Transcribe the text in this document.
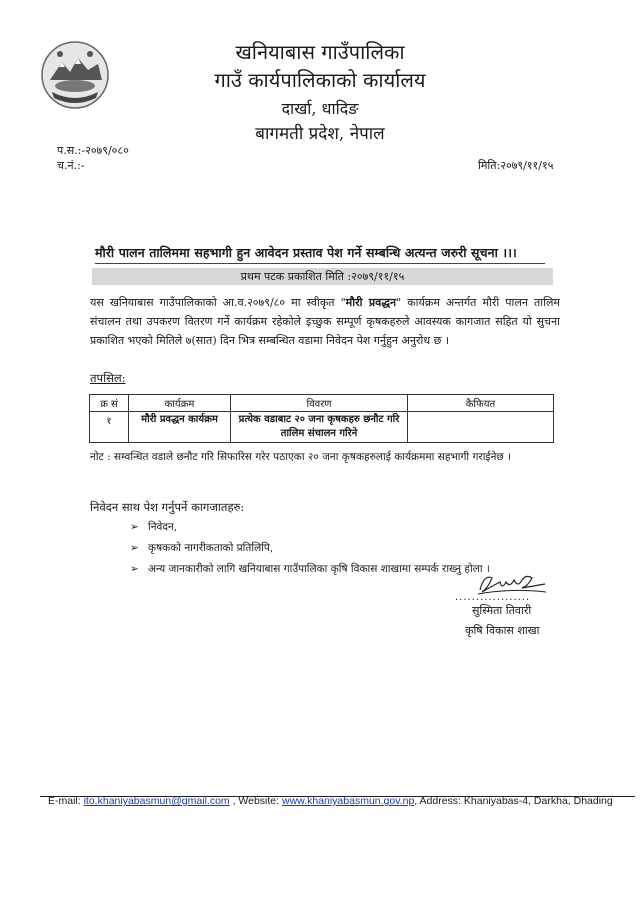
खनियाबास गाउँपालिका
गाउँ कार्यपालिकाको कार्यालय
दार्खा, धादिङ
बागमती प्रदेश, नेपाल
प.स.:-२०७९/०८०
च.नं.:-	मिति:२०७९/११/१५
मौरी पालन तालिममा सहभागी हुन आवेदन प्रस्ताव पेश गर्ने सम्बन्धि अत्यन्त जरुरी सूचना ।।।
प्रथम पटक प्रकाशित मिति :२०७९/११/१५
यस खनियाबास गाउँपालिकाको आ.व.२०७९/८० मा स्वीकृत "मौरी प्रवद्धन" कार्यक्रम अन्तर्गत मौरी पालन तालिम संचालन तथा उपकरण वितरण गर्ने कार्यक्रम रहेकोले इच्छुक सम्पूर्ण कृषकहरुले आवस्यक कागजात सहित यो सुचना प्रकाशित भएको मितिले ७(सात) दिन भित्र सम्बन्धित वडामा निवेदन पेश गर्नुहुन अनुरोध छ ।
तपसिल:
क्र सं	कार्यक्रम	विवरण	कैफियत
१	मौरी प्रवद्धन कार्यक्रम	प्रत्येक वडाबाट २० जना कृषकहरु छनौट गरि तालिम संचालन गरिने	
नोट : सम्वन्धित वडाले छनौट गरि सिफारिस गरेर पठाएका २० जना कृषकहरुलाई कार्यक्रममा सहभागी गराईनेछ ।
निवेदन साथ पेश गर्नुपर्ने कागजातहरु:
➢ निवेदन,
➢ कृषकको नागरीकताको प्रतिलिपि,
➢ अन्य जानकारीको लागि खनियाबास गाउँपालिका कृषि विकास शाखामा सम्पर्क राख्नु होला ।
..................
सुस्मिता तिवारी
कृषि विकास शाखा
E-mail: ito.khaniyabasmun@gmail.com , Website: www.khaniyabasmun.gov.np, Address: Khaniyabas-4, Darkha, Dhading
